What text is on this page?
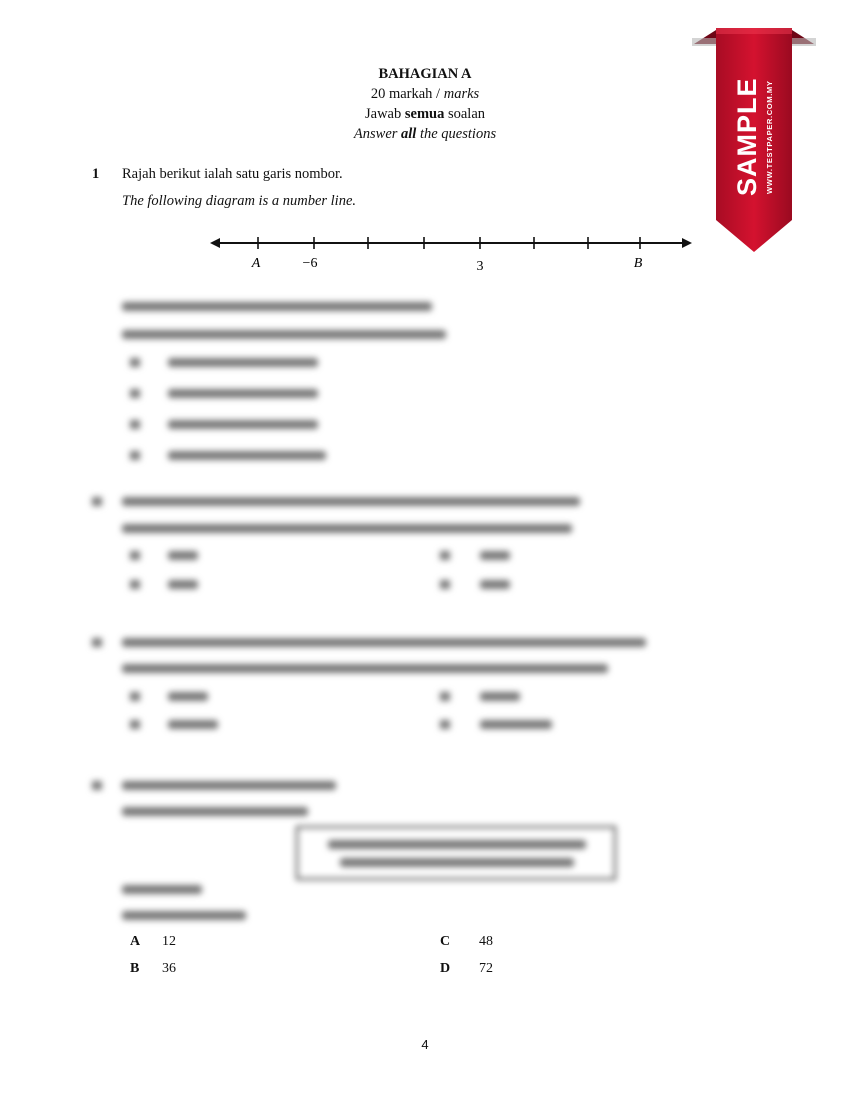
BAHAGIAN A
20 markah / marks
Jawab semua soalan
Answer all the questions
1 Rajah berikut ialah satu garis nombor.
The following diagram is a number line.
A	−6	3	B
A 12
B 36
C 48
D 72
4
SAMPLE WWW.TESTPAPER.COM.MY
